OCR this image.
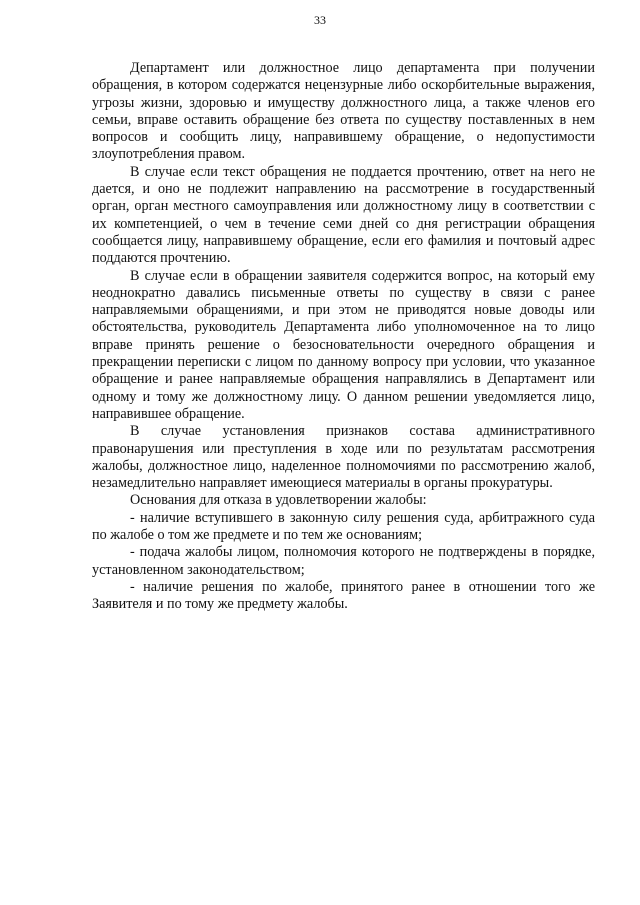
33

Департамент или должностное лицо департамента при получении обращения, в котором содержатся нецензурные либо оскорбительные выражения, угрозы жизни, здоровью и имуществу должностного лица, а также членов его семьи, вправе оставить обращение без ответа по существу поставленных в нем вопросов и сообщить лицу, направившему обращение, о недопустимости злоупотребления правом.

В случае если текст обращения не поддается прочтению, ответ на него не дается, и оно не подлежит направлению на рассмотрение в государственный орган, орган местного самоуправления или должностному лицу в соответствии с их компетенцией, о чем в течение семи дней со дня регистрации обращения сообщается лицу, направившему обращение, если его фамилия и почтовый адрес поддаются прочтению.

В случае если в обращении заявителя содержится вопрос, на который ему неоднократно давались письменные ответы по существу в связи с ранее направляемыми обращениями, и при этом не приводятся новые доводы или обстоятельства, руководитель Департамента либо уполномоченное на то лицо вправе принять решение о безосновательности очередного обращения и прекращении переписки с лицом по данному вопросу при условии, что указанное обращение и ранее направляемые обращения направлялись в Департамент или одному и тому же должностному лицу. О данном решении уведомляется лицо, направившее обращение.

В случае установления признаков состава административного правонарушения или преступления в ходе или по результатам рассмотрения жалобы, должностное лицо, наделенное полномочиями по рассмотрению жалоб, незамедлительно направляет имеющиеся материалы в органы прокуратуры.

Основания для отказа в удовлетворении жалобы:

- наличие вступившего в законную силу решения суда, арбитражного суда по жалобе о том же предмете и по тем же основаниям;

- подача жалобы лицом, полномочия которого не подтверждены в порядке, установленном законодательством;

- наличие решения по жалобе, принятого ранее в отношении того же Заявителя и по тому же предмету жалобы.
